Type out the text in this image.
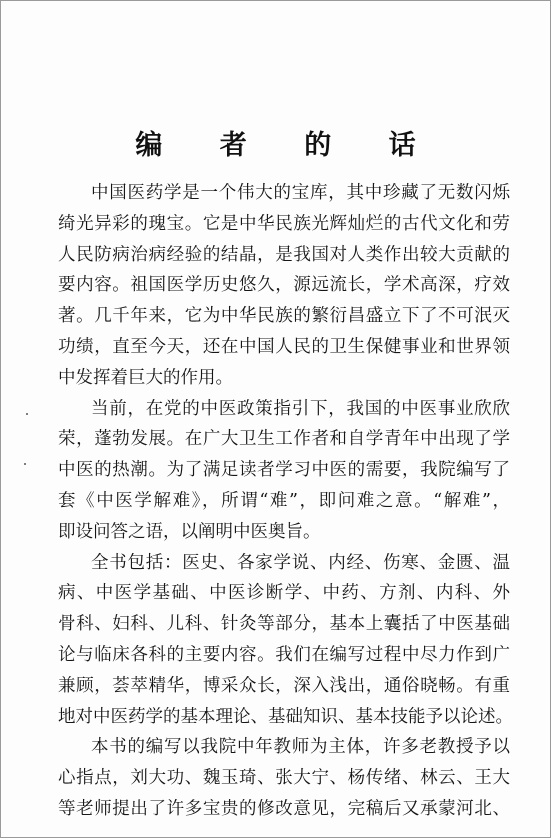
编 者 的 话
中国医药学是一个伟大的宝库，其中珍藏了无数闪烁
绮光异彩的瑰宝。它是中华民族光辉灿烂的古代文化和劳
人民防病治病经验的结晶，是我国对人类作出较大贡献的
要内容。祖国医学历史悠久，源远流长，学术高深，疗效
著。几千年来，它为中华民族的繁衍昌盛立下了不可泯灭
功绩，直至今天，还在中国人民的卫生保健事业和世界领
中发挥着巨大的作用。
当前，在党的中医政策指引下，我国的中医事业欣欣
荣，蓬勃发展。在广大卫生工作者和自学青年中出现了学
中医的热潮。为了满足读者学习中医的需要，我院编写了
套《中医学解难》，所谓“难”，即问难之意。“解难”，
即设问答之语，以阐明中医奥旨。
全书包括：医史、各家学说、内经、伤寒、金匮、温
病、中医学基础、中医诊断学、中药、方剂、内科、外
骨科、妇科、儿科、针灸等部分，基本上囊括了中医基础
论与临床各科的主要内容。我们在编写过程中尽力作到广
兼顾，荟萃精华，博采众长，深入浅出，通俗晓畅。有重
地对中医药学的基本理论、基础知识、基本技能予以论述。
本书的编写以我院中年教师为主体，许多老教授予以
心指点，刘大功、魏玉琦、张大宁、杨传绪、林云、王大
等老师提出了许多宝贵的修改意见，完稿后又承蒙河北、
